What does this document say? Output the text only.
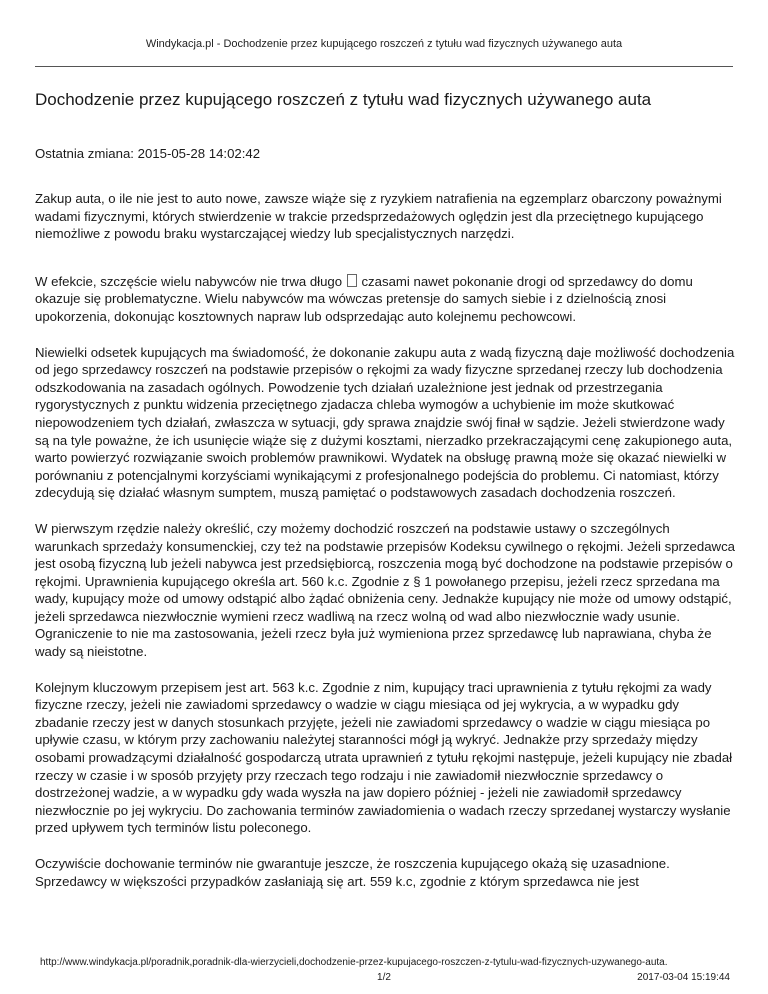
Windykacja.pl - Dochodzenie przez kupującego roszczeń z tytułu wad fizycznych używanego auta
Dochodzenie przez kupującego roszczeń z tytułu wad fizycznych używanego auta
Ostatnia zmiana: 2015-05-28 14:02:42

Zakup auta, o ile nie jest to auto nowe, zawsze wiąże się z ryzykiem natrafienia na egzemplarz obarczony poważnymi wadami fizycznymi, których stwierdzenie w trakcie przedsprzedażowych oględzin jest dla przeciętnego kupującego niemożliwe z powodu braku wystarczającej wiedzy lub specjalistycznych narzędzi.

W efekcie, szczęście wielu nabywców nie trwa długo czasami nawet pokonanie drogi od sprzedawcy do domu okazuje się problematyczne. Wielu nabywców ma wówczas pretensje do samych siebie i z dzielnością znosi upokorzenia, dokonując kosztownych napraw lub odsprzedając auto kolejnemu pechowcowi.

Niewielki odsetek kupujących ma świadomość, że dokonanie zakupu auta z wadą fizyczną daje możliwość dochodzenia od jego sprzedawcy roszczeń na podstawie przepisów o rękojmi za wady fizyczne sprzedanej rzeczy lub dochodzenia odszkodowania na zasadach ogólnych. Powodzenie tych działań uzależnione jest jednak od przestrzegania rygorystycznych z punktu widzenia przeciętnego zjadacza chleba wymogów a uchybienie im może skutkować niepowodzeniem tych działań, zwłaszcza w sytuacji, gdy sprawa znajdzie swój finał w sądzie. Jeżeli stwierdzone wady są na tyle poważne, że ich usunięcie wiąże się z dużymi kosztami, nierzadko przekraczającymi cenę zakupionego auta, warto powierzyć rozwiązanie swoich problemów prawnikowi. Wydatek na obsługę prawną może się okazać niewielki w porównaniu z potencjalnymi korzyściami wynikającymi z profesjonalnego podejścia do problemu. Ci natomiast, którzy zdecydują się działać własnym sumptem, muszą pamiętać o podstawowych zasadach dochodzenia roszczeń.

W pierwszym rzędzie należy określić, czy możemy dochodzić roszczeń na podstawie ustawy o szczególnych warunkach sprzedaży konsumenckiej, czy też na podstawie przepisów Kodeksu cywilnego o rękojmi. Jeżeli sprzedawca jest osobą fizyczną lub jeżeli nabywca jest przedsiębiorcą, roszczenia mogą być dochodzone na podstawie przepisów o rękojmi. Uprawnienia kupującego określa art. 560 k.c. Zgodnie z § 1 powołanego przepisu, jeżeli rzecz sprzedana ma wady, kupujący może od umowy odstąpić albo żądać obniżenia ceny. Jednakże kupujący nie może od umowy odstąpić, jeżeli sprzedawca niezwłocznie wymieni rzecz wadliwą na rzecz wolną od wad albo niezwłocznie wady usunie. Ograniczenie to nie ma zastosowania, jeżeli rzecz była już wymieniona przez sprzedawcę lub naprawiana, chyba że wady są nieistotne.

Kolejnym kluczowym przepisem jest art. 563 k.c. Zgodnie z nim, kupujący traci uprawnienia z tytułu rękojmi za wady fizyczne rzeczy, jeżeli nie zawiadomi sprzedawcy o wadzie w ciągu miesiąca od jej wykrycia, a w wypadku gdy zbadanie rzeczy jest w danych stosunkach przyjęte, jeżeli nie zawiadomi sprzedawcy o wadzie w ciągu miesiąca po upływie czasu, w którym przy zachowaniu należytej staranności mógł ją wykryć. Jednakże przy sprzedaży między osobami prowadzącymi działalność gospodarczą utrata uprawnień z tytułu rękojmi następuje, jeżeli kupujący nie zbadał rzeczy w czasie i w sposób przyjęty przy rzeczach tego rodzaju i nie zawiadomił niezwłocznie sprzedawcy o dostrzeżonej wadzie, a w wypadku gdy wada wyszła na jaw dopiero później - jeżeli nie zawiadomił sprzedawcy niezwłocznie po jej wykryciu. Do zachowania terminów zawiadomienia o wadach rzeczy sprzedanej wystarczy wysłanie przed upływem tych terminów listu poleconego.

Oczywiście dochowanie terminów nie gwarantuje jeszcze, że roszczenia kupującego okażą się uzasadnione. Sprzedawcy w większości przypadków zasłaniają się art. 559 k.c, zgodnie z którym sprzedawca nie jest

http://www.windykacja.pl/poradnik,poradnik-dla-wierzycieli,dochodzenie-przez-kupujacego-roszczen-z-tytulu-wad-fizycznych-uzywanego-auta.
1/2	2017-03-04 15:19:44
